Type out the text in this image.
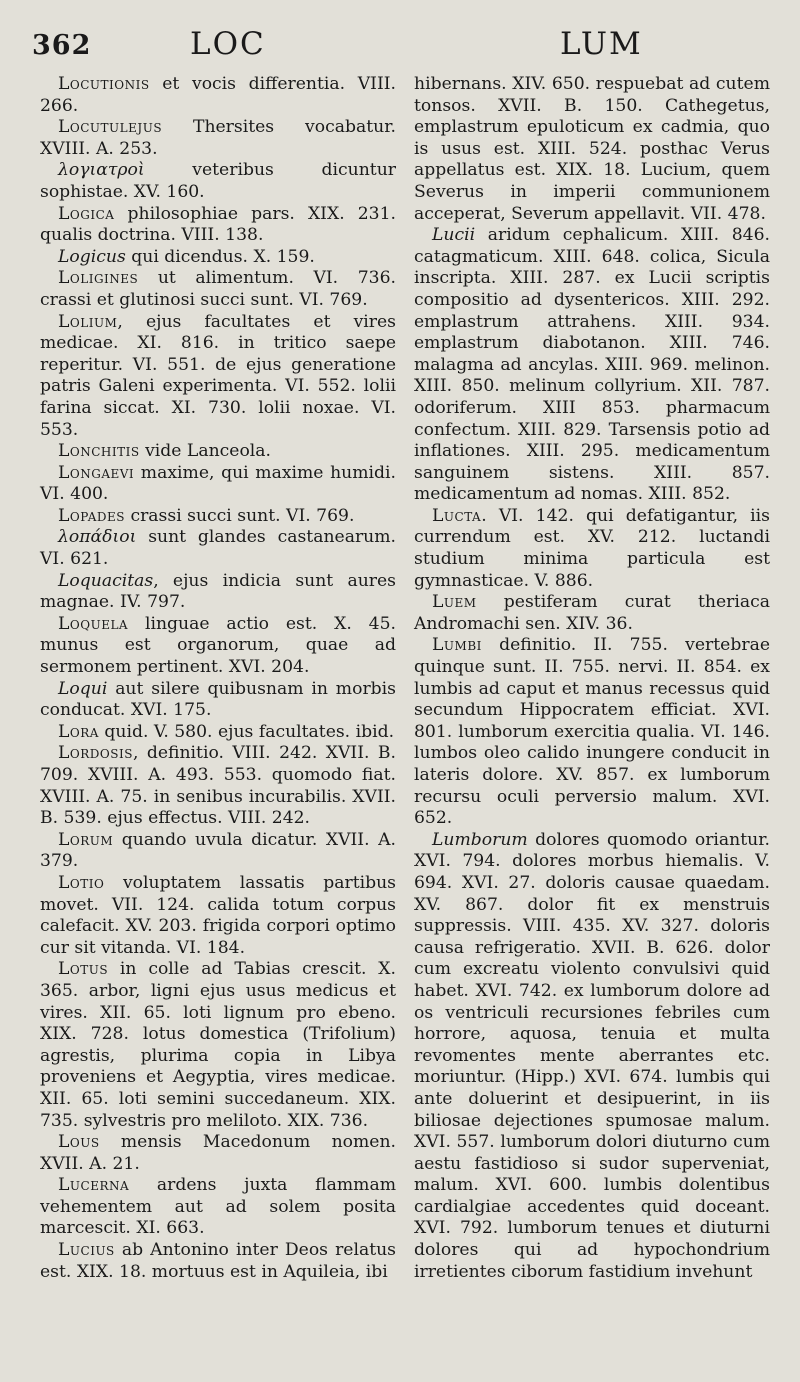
362	LOC	LUM

Locutionis et vocis differentia. VIII. 266.

Locutulejus Thersites vocabatur. XVIII. A. 253.

λογιατροὶ veteribus dicuntur sophistae. XV. 160.

Logica philosophiae pars. XIX. 231. qualis doctrina. VIII. 138.

Logicus qui dicendus. X. 159.

Loligines ut alimentum. VI. 736. crassi et glutinosi succi sunt. VI. 769.

Lolium, ejus facultates et vires medicae. XI. 816. in tritico saepe reperitur. VI. 551. de ejus generatione patris Galeni experimenta. VI. 552. lolii farina siccat. XI. 730. lolii noxae. VI. 553.

Lonchitis vide Lanceola.

Longaevi maxime, qui maxime humidi. VI. 400.

Lopades crassi succi sunt. VI. 769.

λοπάδιοι sunt glandes castanearum. VI. 621.

Loquacitas, ejus indicia sunt aures magnae. IV. 797.

Loquela linguae actio est. X. 45. munus est organorum, quae ad sermonem pertinent. XVI. 204.

Loqui aut silere quibusnam in morbis conducat. XVI. 175.

Lora quid. V. 580. ejus facultates. ibid.

Lordosis, definitio. VIII. 242. XVII. B. 709. XVIII. A. 493. 553. quomodo fiat. XVIII. A. 75. in senibus incurabilis. XVII. B. 539. ejus effectus. VIII. 242.

Lorum quando uvula dicatur. XVII. A. 379.

Lotio voluptatem lassatis partibus movet. VII. 124. calida totum corpus calefacit. XV. 203. frigida corpori optimo cur sit vitanda. VI. 184.

Lotus in colle ad Tabias crescit. X. 365. arbor, ligni ejus usus medicus et vires. XII. 65. loti lignum pro ebeno. XIX. 728. lotus domestica (Trifolium) agrestis, plurima copia in Libya proveniens et Aegyptia, vires medicae. XII. 65. loti semini succedaneum. XIX. 735. sylvestris pro meliloto. XIX. 736.

Lous mensis Macedonum nomen. XVII. A. 21.

Lucerna ardens juxta flammam vehementem aut ad solem posita marcescit. XI. 663.

Lucius ab Antonino inter Deos relatus est. XIX. 18. mortuus est in Aquileia, ibi

hibernans. XIV. 650. respuebat ad cutem tonsos. XVII. B. 150. Cathegetus, emplastrum epuloticum ex cadmia, quo is usus est. XIII. 524. posthac Verus appellatus est. XIX. 18. Lucium, quem Severus in imperii communionem acceperat, Severum appellavit. VII. 478.

Lucii aridum cephalicum. XIII. 846. catagmaticum. XIII. 648. colica, Sicula inscripta. XIII. 287. ex Lucii scriptis compositio ad dysentericos. XIII. 292. emplastrum attrahens. XIII. 934. emplastrum diabotanon. XIII. 746. malagma ad ancylas. XIII. 969. melinon. XIII. 850. melinum collyrium. XII. 787. odoriferum. XIII 853. pharmacum confectum. XIII. 829. Tarsensis potio ad inflationes. XIII. 295. medicamentum sanguinem sistens. XIII. 857. medicamentum ad nomas. XIII. 852.

Lucta. VI. 142. qui defatigantur, iis currendum est. XV. 212. luctandi studium minima particula est gymnasticae. V. 886.

Luem pestiferam curat theriaca Andromachi sen. XIV. 36.

Lumbi definitio. II. 755. vertebrae quinque sunt. II. 755. nervi. II. 854. ex lumbis ad caput et manus recessus quid secundum Hippocratem efficiat. XVI. 801. lumborum exercitia qualia. VI. 146. lumbos oleo calido inungere conducit in lateris dolore. XV. 857. ex lumborum recursu oculi perversio malum. XVI. 652.

Lumborum dolores quomodo oriantur. XVI. 794. dolores morbus hiemalis. V. 694. XVI. 27. doloris causae quaedam. XV. 867. dolor fit ex menstruis suppressis. VIII. 435. XV. 327. doloris causa refrigeratio. XVII. B. 626. dolor cum excreatu violento convulsivi quid habet. XVI. 742. ex lumborum dolore ad os ventriculi recursiones febriles cum horrore, aquosa, tenuia et multa revomentes mente aberrantes etc. moriuntur. (Hipp.) XVI. 674. lumbis qui ante doluerint et desipuerint, in iis biliosae dejectiones spumosae malum. XVI. 557. lumborum dolori diuturno cum aestu fastidioso si sudor superveniat, malum. XVI. 600. lumbis dolentibus cardialgiae accedentes quid doceant. XVI. 792. lumborum tenues et diuturni dolores qui ad hypochondrium irretientes ciborum fastidium invehunt
